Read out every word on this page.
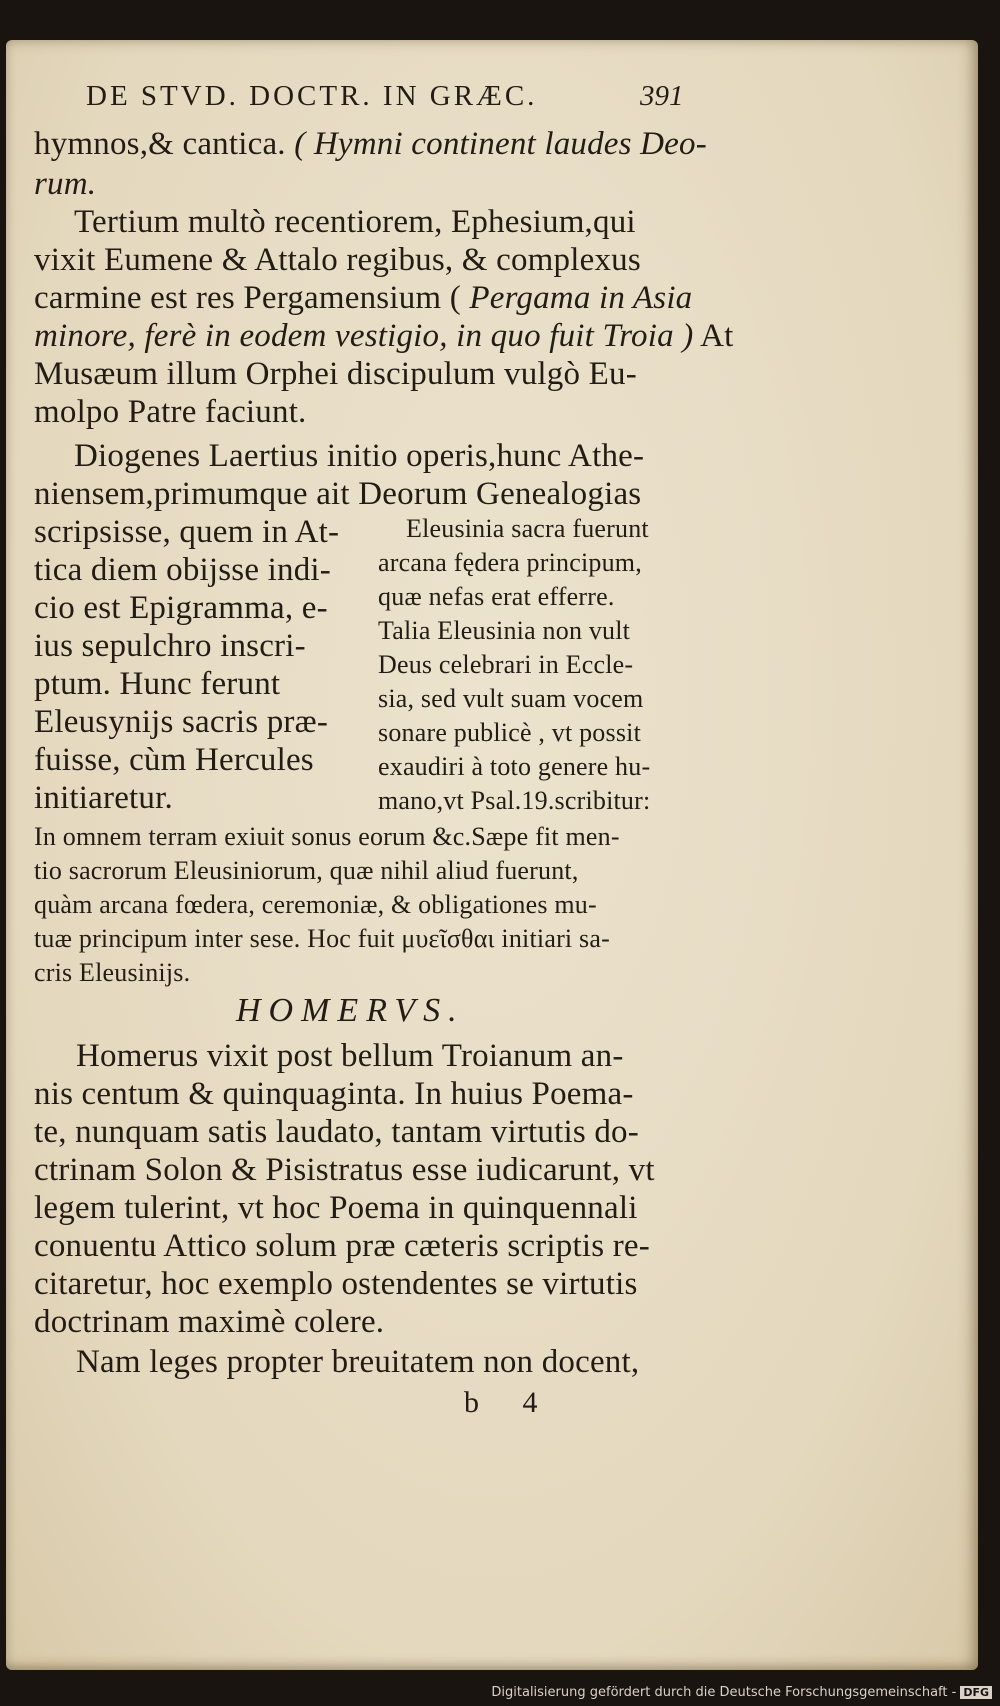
DE STVD. DOCTR. IN GRÆC.	391
hymnos,& cantica. ( Hymni continent laudes Deo-
rum.
Tertium multò recentiorem, Ephesium,qui
vixit Eumene & Attalo regibus, & complexus
carmine est res Pergamensium ( Pergama in Asia
minore, ferè in eodem vestigio, in quo fuit Troia ) At
Musæum illum Orphei discipulum vulgò Eu-
molpo Patre faciunt.
Diogenes Laertius initio operis,hunc Athe-
niensem,primumque ait Deorum Genealogias
scripsisse, quem in At-
tica diem obijsse indi-
cio est Epigramma, e-
ius sepulchro inscri-
ptum. Hunc ferunt
Eleusynijs sacris præ-
fuisse, cùm Hercules
initiaretur.
Eleusinia sacra fuerunt
arcana fędera principum,
quæ nefas erat efferre.
Talia Eleusinia non vult
Deus celebrari in Eccle-
sia, sed vult suam vocem
sonare publicè , vt possit
exaudiri à toto genere hu-
mano,vt Psal.19.scribitur:
In omnem terram exiuit sonus eorum &c.Sæpe fit men-
tio sacrorum Eleusiniorum, quæ nihil aliud fuerunt,
quàm arcana fœdera, ceremoniæ, & obligationes mu-
tuæ principum inter sese. Hoc fuit μυεῖσθαι initiari sa-
cris Eleusinijs.
HOMERVS.
Homerus vixit post bellum Troianum an-
nis centum & quinquaginta. In huius Poema-
te, nunquam satis laudato, tantam virtutis do-
ctrinam Solon & Pisistratus esse iudicarunt, vt
legem tulerint, vt hoc Poema in quinquennali
conuentu Attico solum præ cæteris scriptis re-
citaretur, hoc exemplo ostendentes se virtutis
doctrinam maximè colere.
Nam leges propter breuitatem non docent,
b 4
Digitalisierung gefördert durch die Deutsche Forschungsgemeinschaft - DFG
